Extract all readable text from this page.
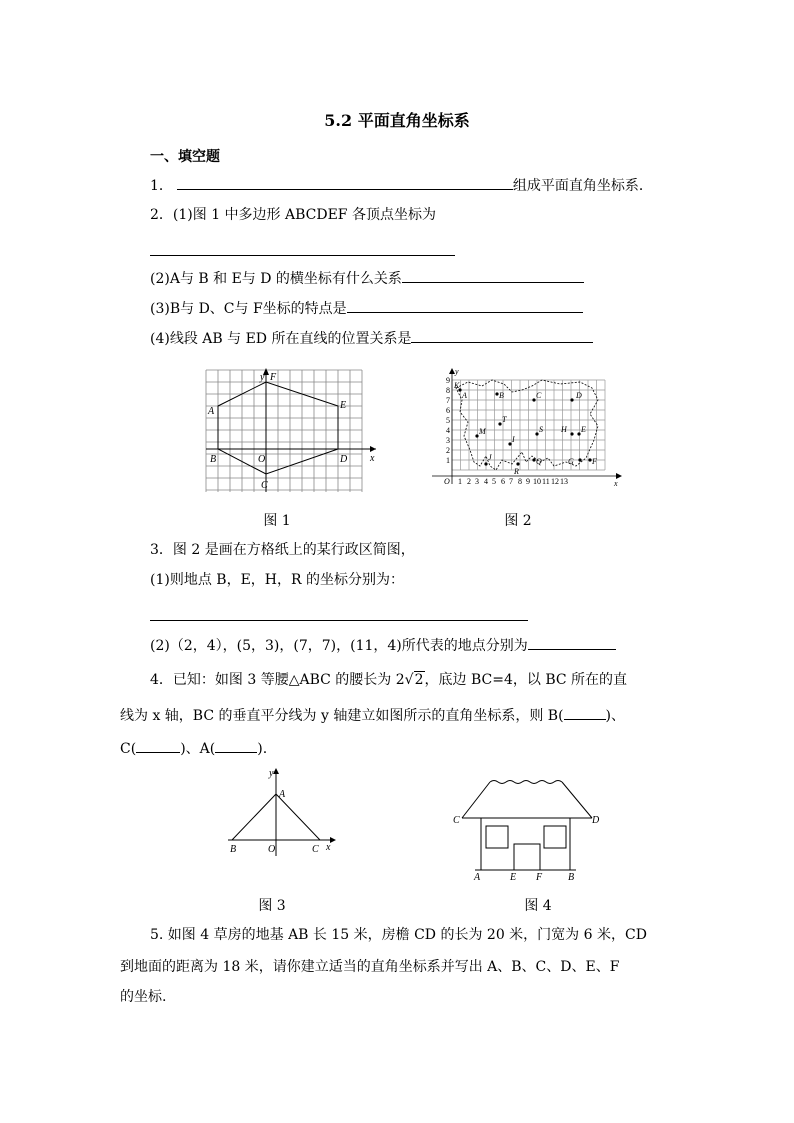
5.2 平面直角坐标系
一、填空题
1．	组成平面直角坐标系．
2．(1)图 1 中多边形 ABCDEF 各顶点坐标为
(2)A与 B 和 E与 D 的横坐标有什么关系
(3)B与 D、C与 F坐标的特点是
(4)线段 AB 与 ED 所在直线的位置关系是
y F
A
E
B	O	D x
C
图 1
9
8
7
6
5
4
3
2
1
1 2 3 4 5 6 7 8 9 10 11 12 13
O	x
y
K
A	B	C	D
T
M	S H E
I
J	G
Q
R
F
图 2
3．图 2 是画在方格纸上的某行政区简图，
(1)则地点 B，E，H，R 的坐标分别为：
(2)（2，4），(5，3)，(7，7)，(11，4)所代表的地点分别为
4．已知：如图 3 等腰△ABC 的腰长为 2√2，底边 BC=4，以 BC 所在的直
线为 x 轴，BC 的垂直平分线为 y 轴建立如图所示的直角坐标系，则 B(	)、
C(	)、A(	).
y
A
B	O	C x
图 3
C	D
A	E F	B
图 4
5. 如图 4 草房的地基 AB 长 15 米，房檐 CD 的长为 20 米，门宽为 6 米，CD
到地面的距离为 18 米，请你建立适当的直角坐标系并写出 A、B、C、D、E、F
的坐标.
